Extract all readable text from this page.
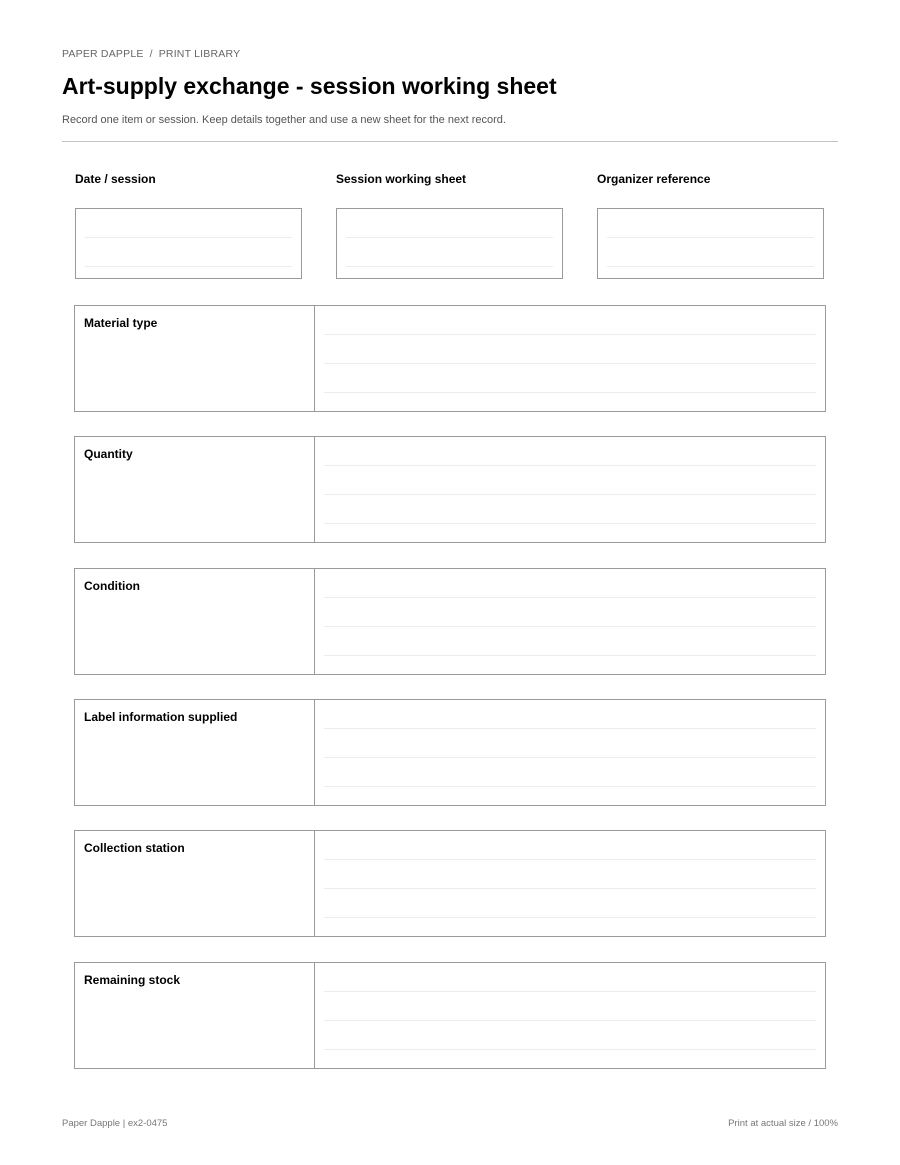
PAPER DAPPLE / PRINT LIBRARY
Art-supply exchange - session working sheet
Record one item or session. Keep details together and use a new sheet for the next record.
Date / session	Session working sheet	Organizer reference
Material type
Quantity
Condition
Label information supplied
Collection station
Remaining stock
Paper Dapple | ex2-0475	Print at actual size / 100%
